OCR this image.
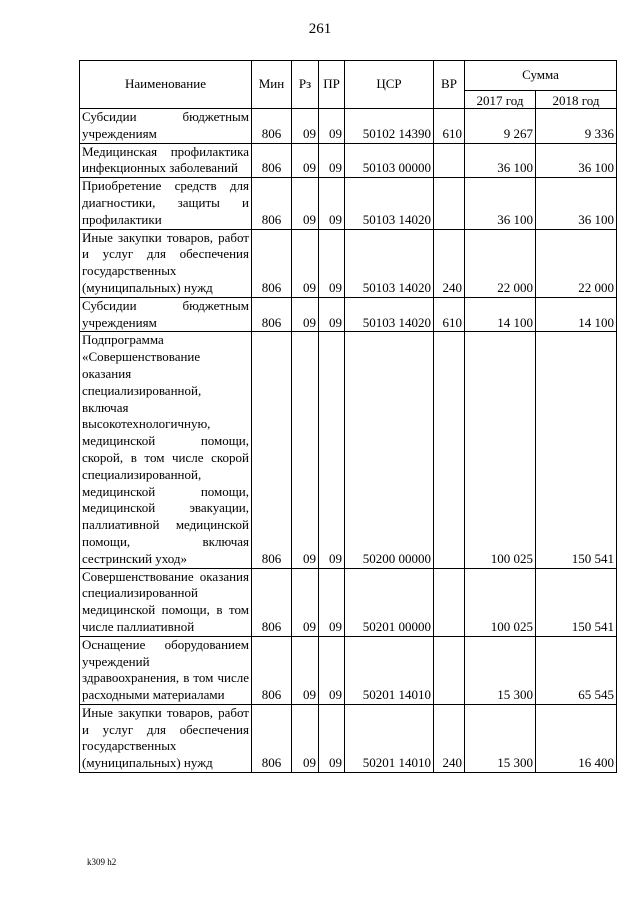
261
Наименование	Мин	Рз	ПР	ЦСР	ВР	Сумма	
						2017 год	2018 год
Субсидии бюджетным учреждениям	806	09	09	50102 14390	610	9 267	9 336
Медицинская профилактика инфекционных заболеваний	806	09	09	50103 00000		36 100	36 100
Приобретение средств для диагностики, защиты и профилактики	806	09	09	50103 14020		36 100	36 100
Иные закупки товаров, работ и услуг для обеспечения государственных (муниципальных) нужд	806	09	09	50103 14020	240	22 000	22 000
Субсидии бюджетным учреждениям	806	09	09	50103 14020	610	14 100	14 100
Подпрограмма «Совершенствование оказания специализированной, включая высокотехнологичную, медицинской помощи, скорой, в том числе скорой специализированной, медицинской помощи, медицинской эвакуации, паллиативной медицинской помощи, включая сестринский уход»	806	09	09	50200 00000		100 025	150 541
Совершенствование оказания специализированной медицинской помощи, в том числе паллиативной	806	09	09	50201 00000		100 025	150 541
Оснащение оборудованием учреждений здравоохранения, в том числе расходными материалами	806	09	09	50201 14010		15 300	65 545
Иные закупки товаров, работ и услуг для обеспечения государственных (муниципальных) нужд	806	09	09	50201 14010	240	15 300	16 400
k309 h2
